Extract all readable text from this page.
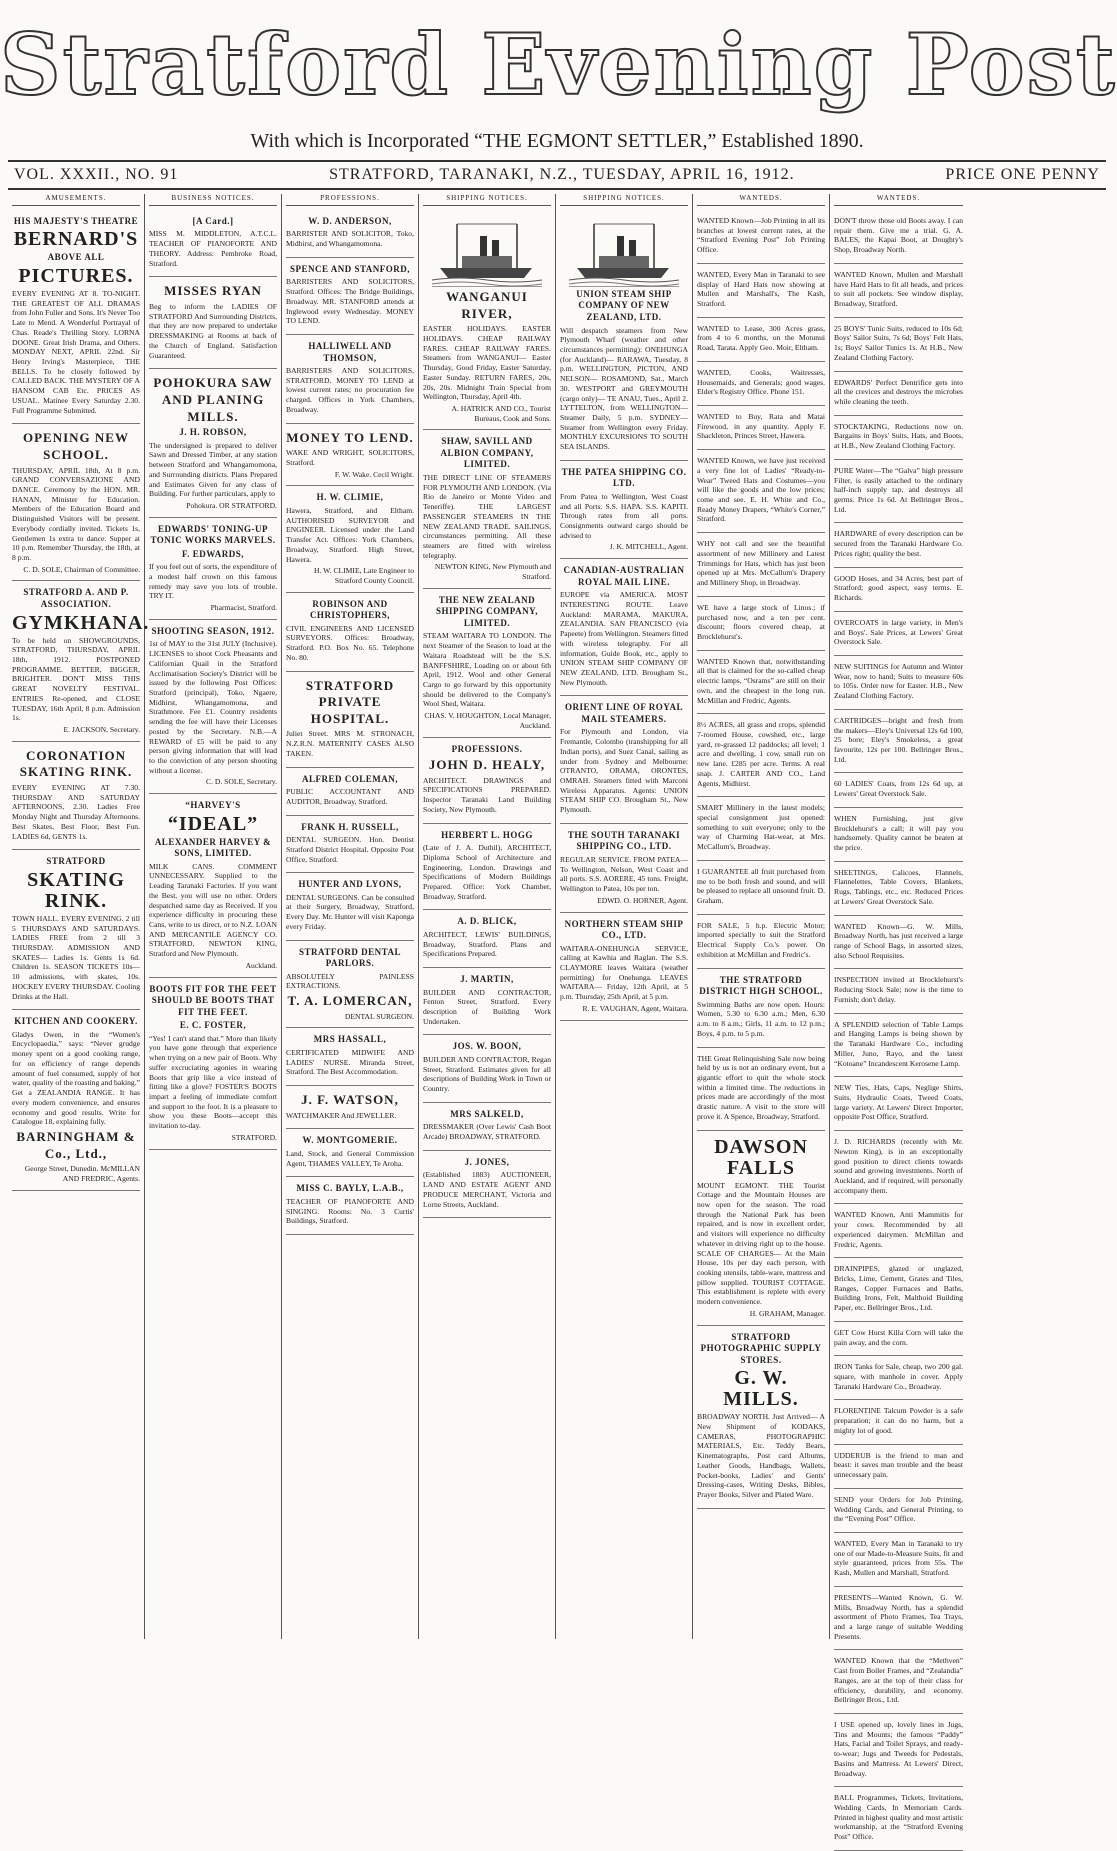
Stratford Evening Post
With which is Incorporated “THE EGMONT SETTLER,” Established 1890.
VOL. XXXII., NO. 91	STRATFORD, TARANAKI, N.Z., TUESDAY, APRIL 16, 1912.	PRICE ONE PENNY
AMUSEMENTS.
HIS MAJESTY'S THEATRE
BERNARD'S
ABOVE ALL
PICTURES.
EVERY EVENING AT 8. TO-NIGHT. THE GREATEST OF ALL DRAMAS from John Fuller and Sons. It's Never Too Late to Mend. A Wonderful Portrayal of Chas. Reade's Thrilling Story. LORNA DOONE. Great Irish Drama, and Others. MONDAY NEXT, APRIL 22nd. Sir Henry Irving's Masterpiece, THE BELLS. To be closely followed by CALLED BACK. THE MYSTERY OF A HANSOM CAB Etc. PRICES AS USUAL. Matinee Every Saturday 2.30. Full Programme Submitted.
OPENING NEW SCHOOL.
THURSDAY, APRIL 18th, At 8 p.m. GRAND CONVERSAZIONE AND DANCE. Ceremony by the HON. MR. HANAN, Minister for Education. Members of the Education Board and Distinguished Visitors will be present. Everybody cordially invited. Tickets 1s, Gentlemen 1s extra to dance. Supper at 10 p.m. Remember Thursday, the 18th, at 8 p.m.
C. D. SOLE, Chairman of Committee.
STRATFORD A. AND P. ASSOCIATION.
GYMKHANA.
To be held on SHOWGROUNDS, STRATFORD, THURSDAY, APRIL 18th, 1912. POSTPONED PROGRAMME. BETTER, BIGGER, BRIGHTER. DON'T MISS THIS GREAT NOVELTY FESTIVAL. ENTRIES Re-opened, and CLOSE TUESDAY, 16th April, 8 p.m. Admission 1s.
E. JACKSON, Secretary.
CORONATION SKATING RINK.
EVERY EVENING AT 7.30. THURSDAY AND SATURDAY AFTERNOONS, 2.30. Ladies Free Monday Night and Thursday Afternoons. Best Skates, Best Floor, Best Fun. LADIES 6d, GENTS 1s.
STRATFORD
SKATING RINK.
TOWN HALL. EVERY EVENING. 2 till 5 THURSDAYS AND SATURDAYS. LADIES FREE from 2 till 3 THURSDAY. ADMISSION AND SKATES— Ladies 1s. Gents 1s 6d. Children 1s. SEASON TICKETS 10s—10 admissions, with skates, 10s. HOCKEY EVERY THURSDAY. Cooling Drinks at the Hall.
KITCHEN AND COOKERY.
Gladys Owen, in the “Women's Encyclopaedia,” says: “Never grudge money spent on a good cooking range, for on efficiency of range depends amount of fuel consumed, supply of hot water, quality of the roasting and baking.” Get a ZEALANDIA RANGE. It has every modern convenience, and ensures economy and good results. Write for Catalogue 18, explaining fully.
BARNINGHAM & Co., Ltd.,
George Street, Dunedin. McMILLAN AND FREDRIC, Agents.
BUSINESS NOTICES.
[A Card.]
MISS M. MIDDLETON, A.T.C.L. TEACHER OF PIANOFORTE AND THEORY. Address: Pembroke Road, Stratford.
MISSES RYAN
Beg to inform the LADIES OF STRATFORD And Surrounding Districts, that they are now prepared to undertake DRESSMAKING at Rooms at back of the Church of England. Satisfaction Guaranteed.
POHOKURA SAW AND PLANING MILLS.
J. H. ROBSON,
The undersigned is prepared to deliver Sawn and Dressed Timber, at any station between Stratford and Whangamomona, and Surrounding districts. Plans Prepared and Estimates Given for any class of Building. For further particulars, apply to
Pohokura. OR STRATFORD.
EDWARDS' TONING-UP TONIC WORKS MARVELS.
F. EDWARDS,
If you feel out of sorts, the expenditure of a modest half crown on this famous remedy may save you lots of trouble. TRY IT.
Pharmacist, Stratford.
SHOOTING SEASON, 1912.
1st of MAY to the 31st JULY (Inclusive). LICENSES to shoot Cock Pheasants and Californian Quail in the Stratford Acclimatisation Society's District will be issued by the following Post Offices: Stratford (principal), Toko, Ngaere, Midhirst, Whangamomona, and Strathmore. Fee £1. Country residents sending the fee will have their Licenses posted by the Secretary. N.B.—A REWARD of £5 will be paid to any person giving information that will lead to the conviction of any person shooting without a license.
C. D. SOLE, Secretary.
“HARVEY'S
“IDEAL”
ALEXANDER HARVEY & SONS, LIMITED.
MILK CANS. COMMENT UNNECESSARY. Supplied to the Leading Taranaki Factories. If you want the Best, you will use no other. Orders despatched same day as Received. If you experience difficulty in procuring these Cans, write to us direct, or to N.Z. LOAN AND MERCANTILE AGENCY CO. STRATFORD, NEWTON KING, Stratford and New Plymouth.
Auckland.
BOOTS FIT FOR THE FEET SHOULD BE BOOTS THAT FIT THE FEET.
E. C. FOSTER,
“Yes! I can't stand that.” More than likely you have gone through that experience when trying on a new pair of Boots. Why suffer excruciating agonies in wearing Boots that grip like a vice instead of fitting like a glove? FOSTER'S BOOTS impart a feeling of immediate comfort and support to the foot. It is a pleasure to show you these Boots—accept this invitation to-day.
STRATFORD.
PROFESSIONS.
W. D. ANDERSON,
BARRISTER AND SOLICITOR, Toko, Midhirst, and Whangamomona.
SPENCE AND STANFORD,
BARRISTERS AND SOLICITORS, Stratford. Offices: The Bridge Buildings, Broadway. MR. STANFORD attends at Inglewood every Wednesday. MONEY TO LEND.
HALLIWELL AND THOMSON,
BARRISTERS AND SOLICITORS, STRATFORD. MONEY TO LEND at lowest current rates; no procuration fee charged. Offices in York Chambers, Broadway.
MONEY TO LEND.
WAKE AND WRIGHT, SOLICITORS, Stratford.
F. W. Wake. Cecil Wright.
H. W. CLIMIE,
Hawera, Stratford, and Eltham. AUTHORISED SURVEYOR and ENGINEER. Licensed under the Land Transfer Act. Offices: York Chambers, Broadway, Stratford. High Street, Hawera.
H. W. CLIMIE, Late Engineer to Stratford County Council.
ROBINSON AND CHRISTOPHERS,
CIVIL ENGINEERS AND LICENSED SURVEYORS. Offices: Broadway, Stratford. P.O. Box No. 65. Telephone No. 80.
STRATFORD PRIVATE HOSPITAL.
Juliet Street. MRS M. STRONACH, N.Z.R.N. MATERNITY CASES ALSO TAKEN.
ALFRED COLEMAN,
PUBLIC ACCOUNTANT AND AUDITOR, Broadway, Stratford.
FRANK H. RUSSELL,
DENTAL SURGEON. Hon. Dentist Stratford District Hospital. Opposite Post Office, Stratford.
HUNTER AND LYONS,
DENTAL SURGEONS. Can be consulted at their Surgery, Broadway, Stratford, Every Day. Mr. Hunter will visit Kaponga every Friday.
STRATFORD DENTAL PARLORS.
ABSOLUTELY PAINLESS EXTRACTIONS.
T. A. LOMERCAN,
DENTAL SURGEON.
MRS HASSALL,
CERTIFICATED MIDWIFE AND LADIES' NURSE. Miranda Street, Stratford. The Best Accommodation.
J. F. WATSON,
WATCHMAKER And JEWELLER.
W. MONTGOMERIE.
Land, Stock, and General Commission Agent, THAMES VALLEY, Te Aroha.
MISS C. BAYLY, L.A.B.,
TEACHER OF PIANOFORTE AND SINGING. Rooms: No. 3 Curtis' Buildings, Stratford.
SHIPPING NOTICES.
WANGANUI RIVER,
EASTER HOLIDAYS. EASTER HOLIDAYS. CHEAP RAILWAY FARES. CHEAP RAILWAY FARES. Steamers from WANGANUI— Easter Thursday, Good Friday, Easter Saturday, Easter Sunday. RETURN FARES, 20s, 20s, 20s. Midnight Train Special from Wellington, Thursday, April 4th.
A. HATRICK AND CO., Tourist Bureaus, Cook and Sons.
SHAW, SAVILL AND ALBION COMPANY, LIMITED.
THE DIRECT LINE OF STEAMERS FOR PLYMOUTH AND LONDON. (Via Rio de Janeiro or Monte Video and Teneriffe). THE LARGEST PASSENGER STEAMERS IN THE NEW ZEALAND TRADE. SAILINGS, circumstances permitting. All these steamers are fitted with wireless telegraphy.
NEWTON KING, New Plymouth and Stratford.
THE NEW ZEALAND SHIPPING COMPANY, LIMITED.
STEAM WAITARA TO LONDON. The next Steamer of the Season to load at the Waitara Roadstead will be the S.S. BANFFSHIRE, Loading on or about 6th April, 1912. Wool and other General Cargo to go forward by this opportunity should be delivered to the Company's Wool Shed, Waitara.
CHAS. V. HOUGHTON, Local Manager, Auckland.
PROFESSIONS.
JOHN D. HEALY,
ARCHITECT. DRAWINGS and SPECIFICATIONS PREPARED. Inspector Taranaki Land Building Society, New Plymouth.
HERBERT L. HOGG
(Late of J. A. Duthil), ARCHITECT, Diploma School of Architecture and Engineering, London. Drawings and Specifications of Modern Buildings Prepared. Office: York Chamber, Broadway, Stratford.
A. D. BLICK,
ARCHITECT, LEWIS' BUILDINGS, Broadway, Stratford. Plans and Specifications Prepared.
J. MARTIN,
BUILDER AND CONTRACTOR, Fenton Street, Stratford. Every description of Building Work Undertaken.
JOS. W. BOON,
BUILDER AND CONTRACTOR, Regan Street, Stratford. Estimates given for all descriptions of Building Work in Town or Country.
MRS SALKELD,
DRESSMAKER (Over Lewis' Cash Boot Arcade) BROADWAY, STRATFORD.
J. JONES,
(Established 1883) AUCTIONEER, LAND AND ESTATE AGENT AND PRODUCE MERCHANT, Victoria and Lorne Streets, Auckland.
SHIPPING NOTICES.
UNION STEAM SHIP COMPANY OF NEW ZEALAND, LTD.
Will despatch steamers from New Plymouth Wharf (weather and other circumstances permitting): ONEHUNGA (for Auckland)— RARAWA, Tuesday, 8 p.m. WELLINGTON, PICTON, AND NELSON— ROSAMOND, Sat., March 30. WESTPORT and GREYMOUTH (cargo only)— TE ANAU, Tues., April 2. LYTTELTON, from WELLINGTON— Steamer Daily, 5 p.m. SYDNEY— Steamer from Wellington every Friday. MONTHLY EXCURSIONS TO SOUTH SEA ISLANDS.
THE PATEA SHIPPING CO. LTD.
From Patea to Wellington, West Coast and all Ports. S.S. HAPA. S.S. KAPITI. Through rates from all ports. Consignments outward cargo should be advised to
J. K. MITCHELL, Agent.
CANADIAN-AUSTRALIAN ROYAL MAIL LINE.
EUROPE via AMERICA. MOST INTERESTING ROUTE. Leave Auckland: MARAMA, MAKURA, ZEALANDIA. SAN FRANCISCO (via Papeete) from Wellington. Steamers fitted with wireless telegraphy. For all information, Guide Book, etc., apply to UNION STEAM SHIP COMPANY OF NEW ZEALAND, LTD. Brougham St., New Plymouth.
ORIENT LINE OF ROYAL MAIL STEAMERS.
For Plymouth and London, via Fremantle, Colombo (transhipping for all Indian ports), and Suez Canal, sailing as under from Sydney and Melbourne: OTRANTO, ORAMA, ORONTES, OMRAH. Steamers fitted with Marconi Wireless Apparatus. Agents: UNION STEAM SHIP CO. Brougham St., New Plymouth.
THE SOUTH TARANAKI SHIPPING CO., LTD.
REGULAR SERVICE. FROM PATEA— To Wellington, Nelson, West Coast and all ports. S.S. AORERE, 45 tons. Freight, Wellington to Patea, 10s per ton.
EDWD. O. HORNER, Agent.
NORTHERN STEAM SHIP CO., LTD.
WAITARA-ONEHUNGA SERVICE, calling at Kawhia and Raglan. The S.S. CLAYMORE leaves Waitara (weather permitting) for Onehunga. LEAVES WAITARA— Friday, 12th April, at 5 p.m. Thursday, 25th April, at 5 p.m.
R. E. VAUGHAN, Agent, Waitara.
WANTEDS.
WANTED Known—Job Printing in all its branches at lowest current rates, at the “Stratford Evening Post” Job Printing Office.
WANTED, Every Man in Taranaki to see display of Hard Hats now showing at Mullen and Marshall's, The Kash, Stratford.
WANTED to Lease, 300 Acres grass, from 4 to 6 months, on the Motunui Road, Tarata. Apply Geo. Moir, Eltham.
WANTED, Cooks, Waitresses, Housemaids, and Generals; good wages. Elder's Registry Office. Phone 151.
WANTED to Buy, Rata and Matai Firewood, in any quantity. Apply F. Shackleton, Princes Street, Hawera.
WANTED Known, we have just received a very fine lot of Ladies' “Ready-to-Wear” Tweed Hats and Costumes—you will like the goods and the low prices; come and see. E. H. White and Co., Ready Money Drapers, “White's Corner,” Stratford.
WHY not call and see the beautiful assortment of new Millinery and Latest Trimmings for Hats, which has just been opened up at Mrs. McCallum's Drapery and Millinery Shop, in Broadway.
WE have a large stock of Linos.; if purchased now, and a ten per cent. discount; floors covered cheap, at Brocklehurst's.
WANTED Known that, notwithstanding all that is claimed for the so-called cheap electric lamps, “Osrams” are still on their own, and the cheapest in the long run. McMillan and Fredric, Agents.
8½ ACRES, all grass and crops, splendid 7-roomed House, cowshed, etc., large yard, re-grassed 12 paddocks; all level; 1 acre and dwelling, 1 cow, small run on new lane. £285 per acre. Terms. A real snap. J. CARTER AND CO., Land Agents, Midhirst.
SMART Millinery in the latest models; special consignment just opened: something to suit everyone; only to the way of Charming Hat-wear, at Mrs. McCallum's, Broadway.
I GUARANTEE all fruit purchased from me to be both fresh and sound, and will be pleased to replace all unsound fruit. D. Graham.
FOR SALE, 5 h.p. Electric Motor; imported specially to suit the Stratford Electrical Supply Co.'s power. On exhibition at McMillan and Fredric's.
THE STRATFORD DISTRICT HIGH SCHOOL.
Swimming Baths are now open. Hours: Women, 5.30 to 6.30 a.m.; Men, 6.30 a.m. to 8 a.m.; Girls, 11 a.m. to 12 p.m.; Boys, 4 p.m. to 5 p.m.
THE Great Relinquishing Sale now being held by us is not an ordinary event, but a gigantic effort to quit the whole stock within a limited time. The reductions in prices made are accordingly of the most drastic nature. A visit to the store will prove it. A Spence, Broadway, Stratford.
DAWSON FALLS
MOUNT EGMONT. THE Tourist Cottage and the Mountain Houses are now open for the season. The road through the National Park has been repaired, and is now in excellent order, and visitors will experience no difficulty whatever in driving right up to the house. SCALE OF CHARGES— At the Main House, 10s per day each person, with cooking utensils, table-ware, mattress and pillow supplied. TOURIST COTTAGE. This establishment is replete with every modern convenience.
H. GRAHAM, Manager.
STRATFORD PHOTOGRAPHIC SUPPLY STORES.
G. W. MILLS.
BROADWAY NORTH. Just Arrived— A New Shipment of KODAKS, CAMERAS, PHOTOGRAPHIC MATERIALS, Etc. Teddy Bears, Kinematographs, Post card Albums, Leather Goods, Handbags, Wallets, Pocket-books, Ladies' and Gents' Dressing-cases, Writing Desks, Bibles, Prayer Books, Silver and Plated Ware.
WANTEDS.
DON'T throw those old Boots away. I can repair them. Give me a trial. G. A. BALES, the Kapai Boot, at Doughty's Shop, Broadway North.
WANTED Known, Mullen and Marshall have Hard Hats to fit all heads, and prices to suit all pockets. See window display, Broadway, Stratford.
25 BOYS' Tunic Suits, reduced to 10s 6d; Boys' Sailor Suits, 7s 6d; Boys' Felt Hats, 1s; Boys' Sailor Tunics 1s. At H.B., New Zealand Clothing Factory.
EDWARDS' Perfect Dentrifice gets into all the crevices and destroys the microbes while cleaning the teeth.
STOCKTAKING, Reductions now on. Bargains in Boys' Suits, Hats, and Boots, at H.B., New Zealand Clothing Factory.
PURE Water—The “Galva” high pressure Filter, is easily attached to the ordinary half-inch supply tap, and destroys all germs. Price 1s 6d. At Bellringer Bros., Ltd.
HARDWARE of every description can be secured from the Taranaki Hardware Co. Prices right; quality the best.
GOOD Hoses, and 34 Acres, best part of Stratford; good aspect, easy terms. E. Richards.
OVERCOATS in large variety, in Men's and Boys'. Sale Prices, at Lewers' Great Overstock Sale.
NEW SUITINGS for Autumn and Winter Wear, now to hand; Suits to measure 60s to 105s. Order now for Easter. H.B., New Zealand Clothing Factory.
CARTRIDGES—bright and fresh from the makers—Eley's Universal 12s 6d 100, 25 bore; Eley's Smokeless, a great favourite, 12s per 100. Bellringer Bros., Ltd.
60 LADIES' Coats, from 12s 6d up, at Lewers' Great Overstock Sale.
WHEN Furnishing, just give Brocklehurst's a call; it will pay you handsomely. Quality cannot be beaten at the price.
SHEETINGS, Calicoes, Flannels, Flannelettes, Table Covers, Blankets, Rugs, Tablings, etc., etc. Reduced Prices at Lewers' Great Overstock Sale.
WANTED Known—G. W. Mills, Broadway North, has just received a large range of School Bags, in assorted sizes, also School Requisites.
INSPECTION invited at Brocklehurst's Reducing Stock Sale; now is the time to Furnish; don't delay.
A SPLENDID selection of Table Lamps and Hanging Lamps is being shown by the Taranaki Hardware Co., including Miller, Juno, Rayo, and the latest “Kotoane” Incandescent Kerosene Lamp.
NEW Ties, Hats, Caps, Neglige Shirts, Suits, Hydraulic Coats, Tweed Coats, large variety. At Lewers' Direct Importer, opposite Post Office, Stratford.
J. D. RICHARDS (recently with Mr. Newton King), is in an exceptionally good position to direct clients towards sound and growing investments. North of Auckland, and if required, will personally accompany them.
WANTED Known, Anti Mammitis for your cows. Recommended by all experienced dairymen. McMillan and Fredric, Agents.
DRAINPIPES, glazed or unglazed, Bricks, Lime, Cement, Grates and Tiles, Ranges, Copper Furnaces and Baths, Building Irons, Felt, Malthoid Building Paper, etc. Bellringer Bros., Ltd.
GET Cow Hurst Killa Corn will take the pain away, and the corn.
IRON Tanks for Sale, cheap, two 200 gal. square, with manhole in cover. Apply Taranaki Hardware Co., Broadway.
FLORENTINE Talcum Powder is a safe preparation; it can do no harm, but a mighty lot of good.
UDDERUB is the friend to man and beast: it saves man trouble and the beast unnecessary pain.
SEND your Orders for Job Printing, Wedding Cards, and General Printing, to the “Evening Post” Office.
WANTED, Every Man in Taranaki to try one of our Made-to-Measure Suits, fit and style guaranteed, prices from 55s. The Kash, Mullen and Marshall, Stratford.
PRESENTS—Wanted Known, G. W. Mills, Broadway North, has a splendid assortment of Photo Frames, Tea Trays, and a large range of suitable Wedding Presents.
WANTED Known that the “Methven” Cast from Boiler Frames, and “Zealandia” Ranges, are at the top of their class for efficiency, durability, and economy. Bellringer Bros., Ltd.
I USE opened up, lovely lines in Jugs, Tins and Mounts; the famous “Paddy” Hats, Facial and Toilet Sprays, and ready-to-wear; Jugs and Tweeds for Pedestals, Basins and Mattress. At Lewers' Direct, Broadway.
BALL Programmes, Tickets, Invitations, Wedding Cards, In Memoriam Cards. Printed in highest quality and most artistic workmanship, at the “Stratford Evening Post” Office.
